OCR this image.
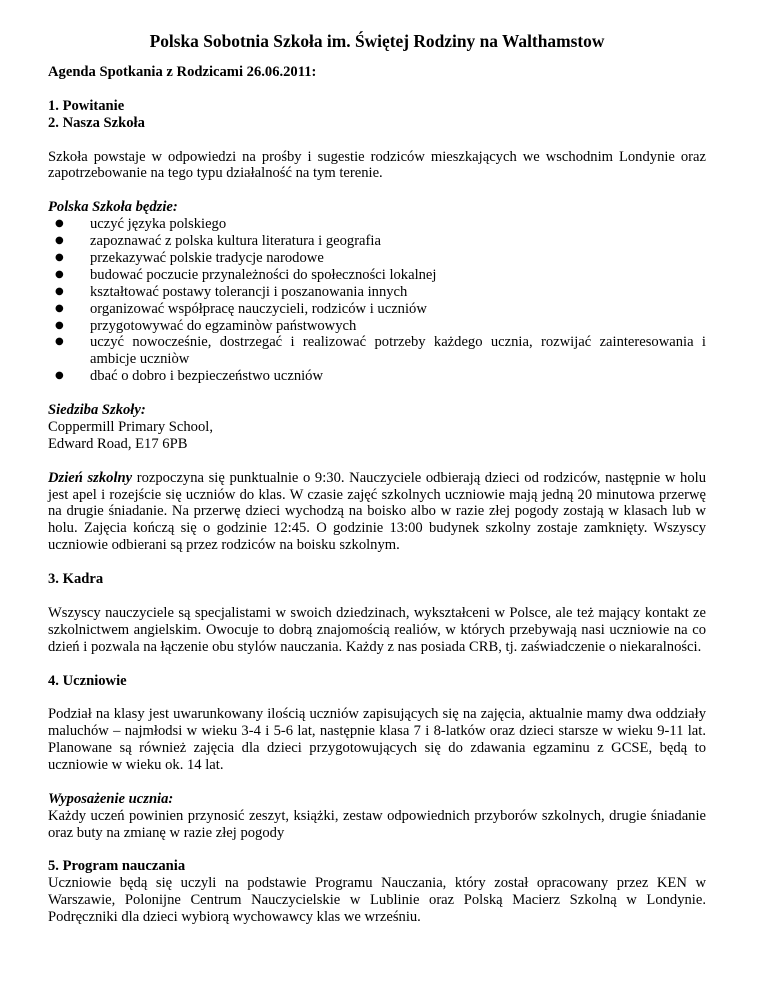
Polska Sobotnia Szkoła im. Świętej Rodziny na Walthamstow

Agenda Spotkania z Rodzicami 26.06.2011:

1. Powitanie

2. Nasza Szkoła

Szkoła powstaje w odpowiedzi na prośby i sugestie rodziców mieszkających we wschodnim Londynie oraz zapotrzebowanie na tego typu działalność na tym terenie.

Polska Szkoła będzie:

● uczyć języka polskiego
● zapoznawać z polska kultura literatura i geografia
● przekazywać polskie tradycje narodowe
● budować poczucie przynależności do społeczności lokalnej
● kształtować postawy tolerancji i poszanowania innych
● organizować współpracę nauczycieli, rodziców i uczniów
● przygotowywać do egzaminòw państwowych
● uczyć nowocześnie, dostrzegać i realizować potrzeby każdego ucznia, rozwijać zainteresowania i ambicje uczniòw
● dbać o dobro i bezpieczeństwo uczniów

Siedziba Szkoły:

Coppermill Primary School,

Edward Road, E17 6PB

Dzień szkolny rozpoczyna się punktualnie o 9:30. Nauczyciele odbierają dzieci od rodziców, następnie w holu jest apel i rozejście się uczniów do klas. W czasie zajęć szkolnych uczniowie mają jedną 20 minutowa przerwę na drugie śniadanie. Na przerwę dzieci wychodzą na boisko albo w razie złej pogody zostają w klasach lub w holu. Zajęcia kończą się o godzinie 12:45. O godzinie 13:00 budynek szkolny zostaje zamknięty. Wszyscy uczniowie odbierani są przez rodziców na boisku szkolnym.

3. Kadra

Wszyscy nauczyciele są specjalistami w swoich dziedzinach, wykształceni w Polsce, ale też mający kontakt ze szkolnictwem angielskim. Owocuje to dobrą znajomością realiów, w których przebywają nasi uczniowie na co dzień i pozwala na łączenie obu stylów nauczania. Każdy z nas posiada CRB, tj. zaświadczenie o niekaralności.

4. Uczniowie

Podział na klasy jest uwarunkowany ilością uczniów zapisujących się na zajęcia, aktualnie mamy dwa oddziały maluchów – najmłodsi w wieku 3-4 i 5-6 lat, następnie klasa 7 i 8-latków oraz dzieci starsze w wieku 9-11 lat. Planowane są również zajęcia dla dzieci przygotowujących się do zdawania egzaminu z GCSE, będą to uczniowie w wieku ok. 14 lat.

Wyposażenie ucznia:

Każdy uczeń powinien przynosić zeszyt, książki, zestaw odpowiednich przyborów szkolnych, drugie śniadanie oraz buty na zmianę w razie złej pogody

5. Program nauczania

Uczniowie będą się uczyli na podstawie Programu Nauczania, który został opracowany przez KEN w Warszawie, Polonijne Centrum Nauczycielskie w Lublinie oraz Polską Macierz Szkolną w Londynie. Podręczniki dla dzieci wybiorą wychowawcy klas we wrześniu.
